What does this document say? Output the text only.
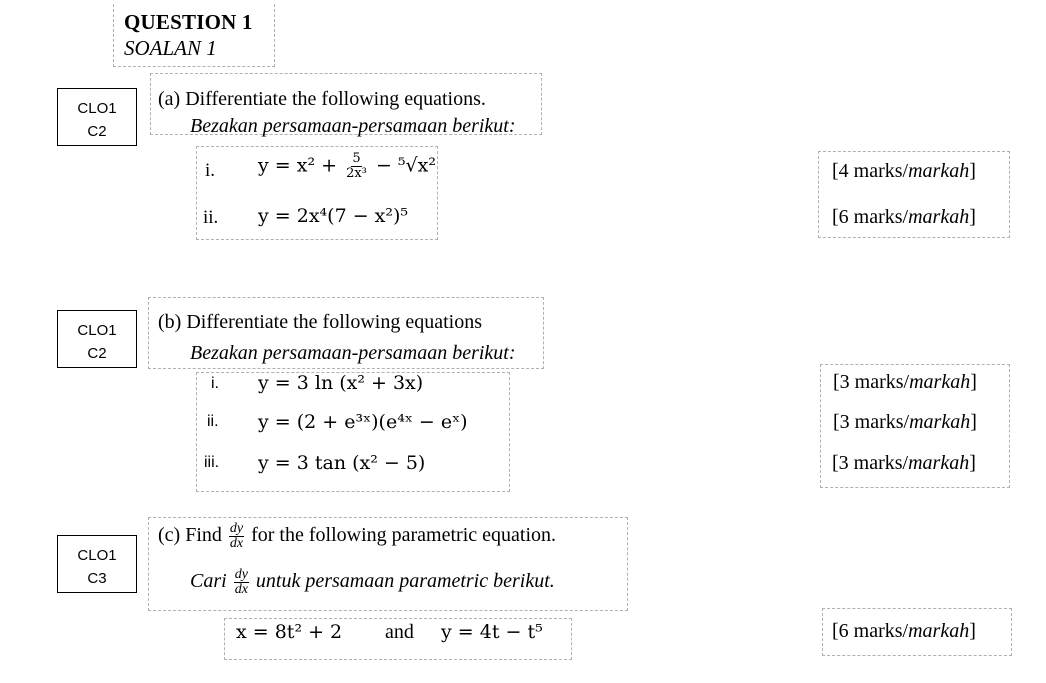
QUESTION 1
SOALAN 1
CLO1
C2
(a) Differentiate the following equations.
Bezakan persamaan-persamaan berikut:
i. $y = x^2 + \frac{5}{\text{2x³}} - ^5√x^2$	[4 marks/markah]
ii. y = 2x⁴(7 − x²)⁵	[6 marks/markah]
CLO1
C2
(b) Differentiate the following equations
Bezakan persamaan-persamaan berikut:
i. y = 3 ln (x² + 3x)	[3 marks/markah]
ii. y = (2 + e³ˣ)(e⁴ˣ − eˣ)	[3 marks/markah]
iii. y = 3 tan (x² − 5)	[3 marks/markah]
CLO1
C3
(c) Find $\frac{dy}{dx}$ for the following parametric equation.
Cari $\frac{dy}{dx}$ untuk persamaan parametric berikut.
x = 8t² + 2 and y = 4t − t⁵	[6 marks/markah]
